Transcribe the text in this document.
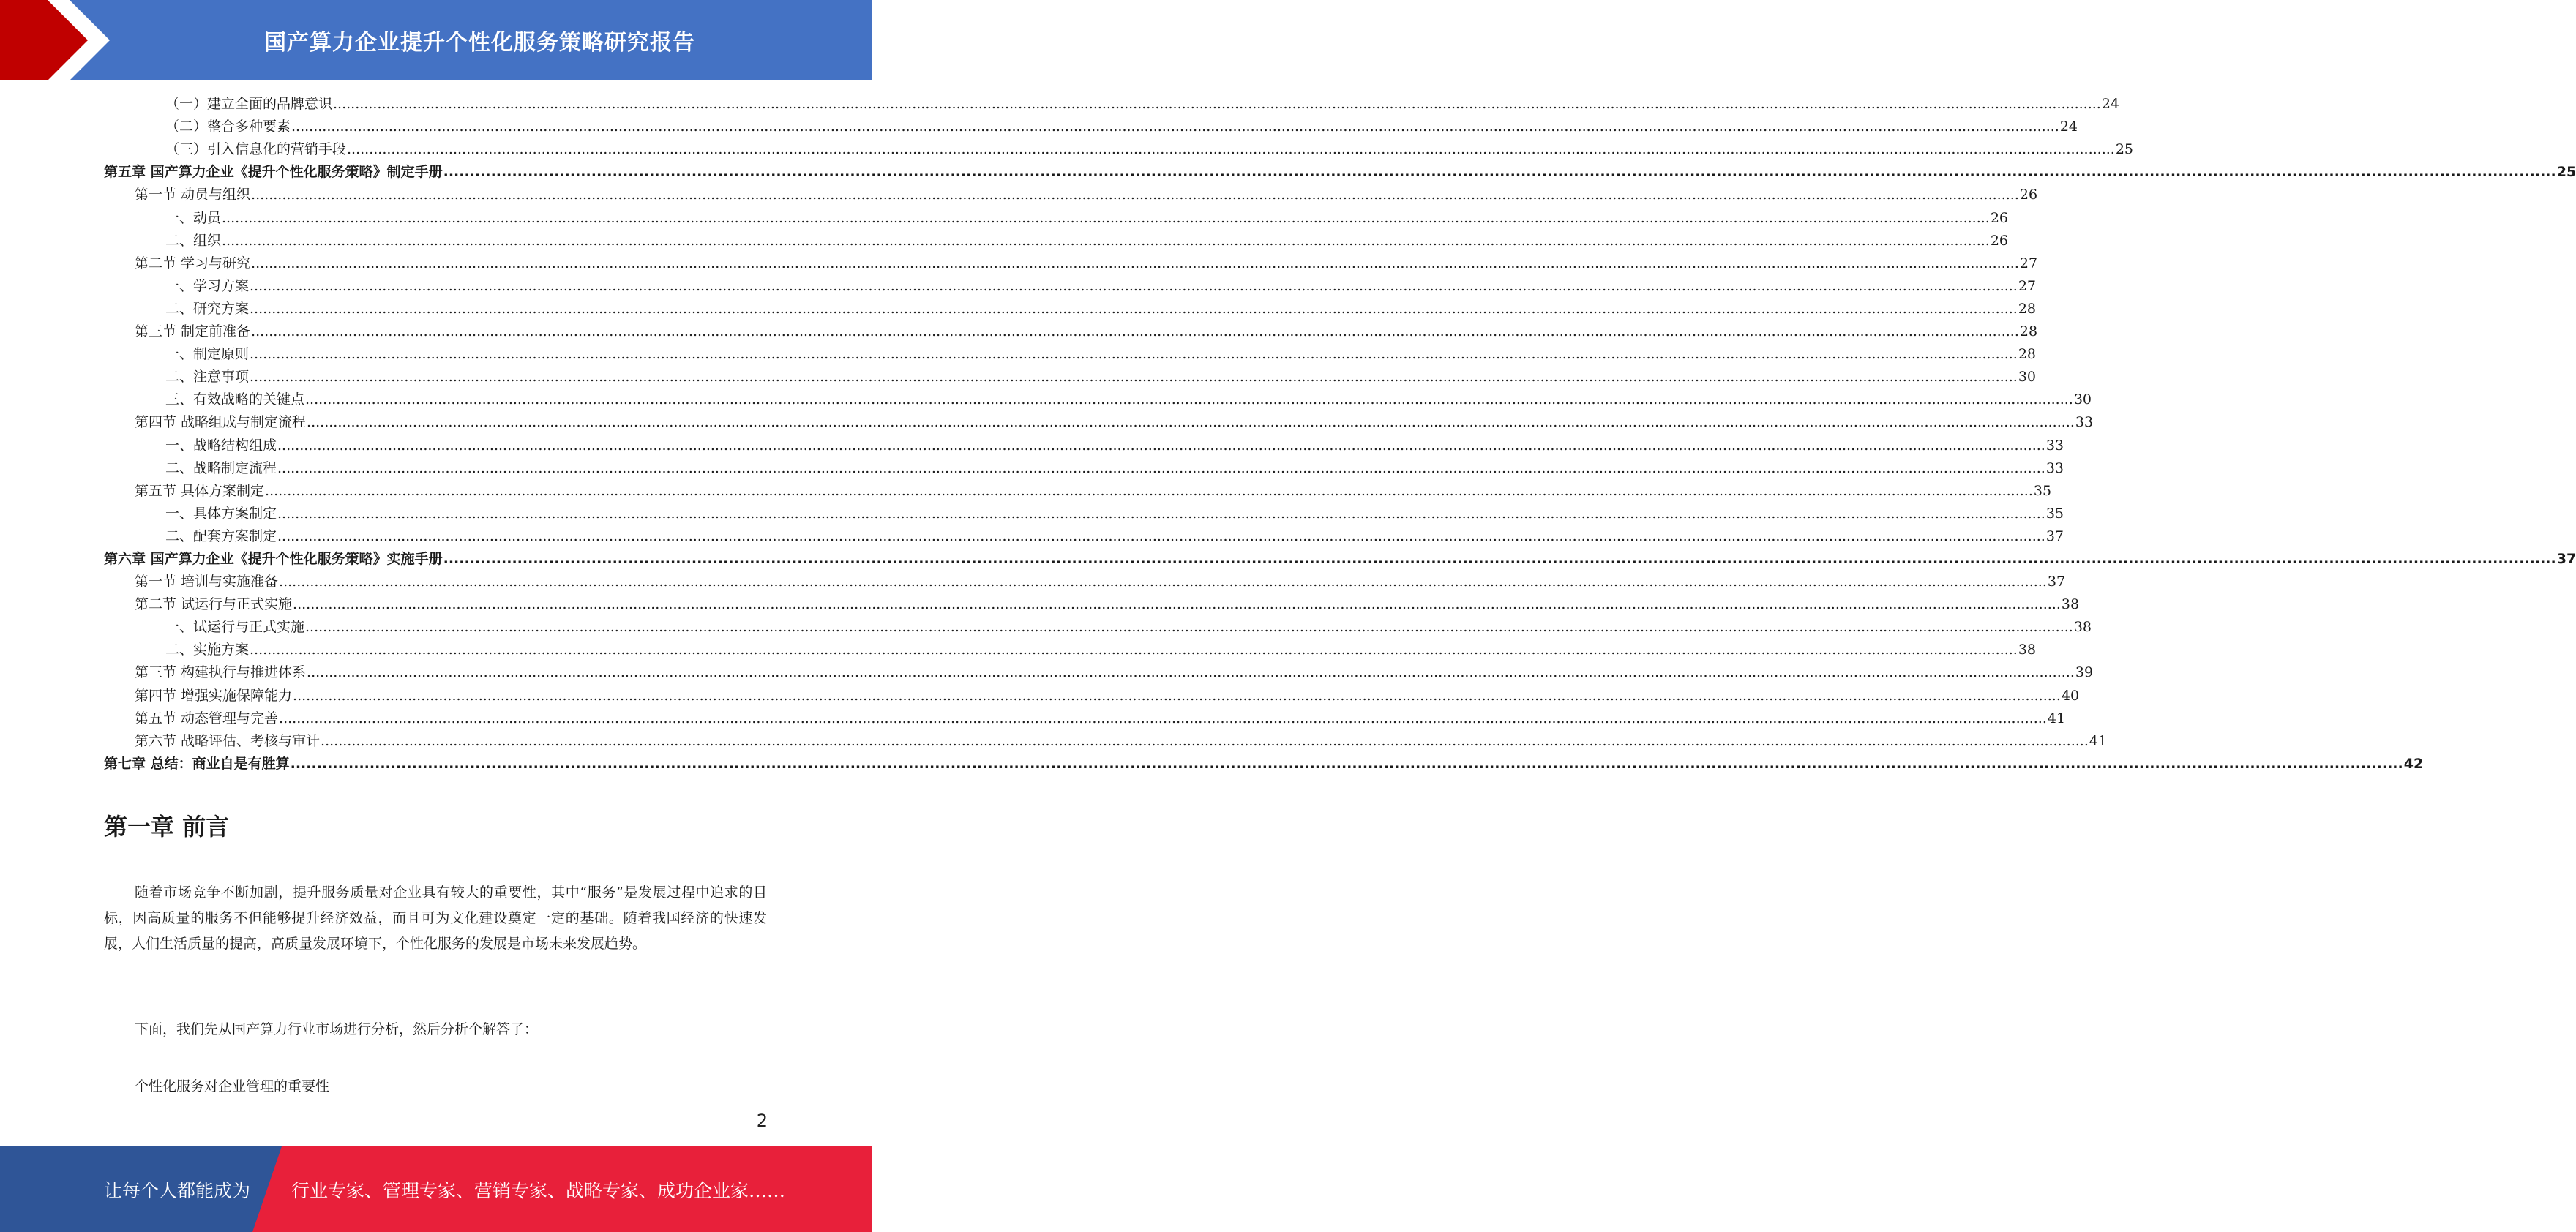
国产算力企业提升个性化服务策略研究报告
（一）建立全面的品牌意识 ................................................................................................................................................................................................................................................................................................................................................................................................................ 24
（二）整合多种要素 ................................................................................................................................................................................................................................................................................................................................................................................................................ 24
（三）引入信息化的营销手段 ................................................................................................................................................................................................................................................................................................................................................................................................................ 25
第五章 国产算力企业《提升个性化服务策略》制定手册 ................................................................................................................................................................................................................................................................................................................................................................................................................ 25
第一节 动员与组织 ................................................................................................................................................................................................................................................................................................................................................................................................................ 26
一、动员 ................................................................................................................................................................................................................................................................................................................................................................................................................ 26
二、组织 ................................................................................................................................................................................................................................................................................................................................................................................................................ 26
第二节 学习与研究 ................................................................................................................................................................................................................................................................................................................................................................................................................ 27
一、学习方案 ................................................................................................................................................................................................................................................................................................................................................................................................................ 27
二、研究方案 ................................................................................................................................................................................................................................................................................................................................................................................................................ 28
第三节 制定前准备 ................................................................................................................................................................................................................................................................................................................................................................................................................ 28
一、制定原则 ................................................................................................................................................................................................................................................................................................................................................................................................................ 28
二、注意事项 ................................................................................................................................................................................................................................................................................................................................................................................................................ 30
三、有效战略的关键点 ................................................................................................................................................................................................................................................................................................................................................................................................................ 30
第四节 战略组成与制定流程 ................................................................................................................................................................................................................................................................................................................................................................................................................ 33
一、战略结构组成 ................................................................................................................................................................................................................................................................................................................................................................................................................ 33
二、战略制定流程 ................................................................................................................................................................................................................................................................................................................................................................................................................ 33
第五节 具体方案制定 ................................................................................................................................................................................................................................................................................................................................................................................................................ 35
一、具体方案制定 ................................................................................................................................................................................................................................................................................................................................................................................................................ 35
二、配套方案制定 ................................................................................................................................................................................................................................................................................................................................................................................................................ 37
第六章 国产算力企业《提升个性化服务策略》实施手册 ................................................................................................................................................................................................................................................................................................................................................................................................................ 37
第一节 培训与实施准备 ................................................................................................................................................................................................................................................................................................................................................................................................................ 37
第二节 试运行与正式实施 ................................................................................................................................................................................................................................................................................................................................................................................................................ 38
一、试运行与正式实施 ................................................................................................................................................................................................................................................................................................................................................................................................................ 38
二、实施方案 ................................................................................................................................................................................................................................................................................................................................................................................................................ 38
第三节 构建执行与推进体系 ................................................................................................................................................................................................................................................................................................................................................................................................................ 39
第四节 增强实施保障能力 ................................................................................................................................................................................................................................................................................................................................................................................................................ 40
第五节 动态管理与完善 ................................................................................................................................................................................................................................................................................................................................................................................................................ 41
第六节 战略评估、考核与审计 ................................................................................................................................................................................................................................................................................................................................................................................................................ 41
第七章 总结：商业自是有胜算 ................................................................................................................................................................................................................................................................................................................................................................................................................ 42
第一章 前言

随着市场竞争不断加剧，提升服务质量对企业具有较大的重要性，其中“服务”是发展过程中追求的目标，因高质量的服务不但能够提升经济效益，而且可为文化建设奠定一定的基础。随着我国经济的快速发展，人们生活质量的提高，高质量发展环境下，个性化服务的发展是市场未来发展趋势。

下面，我们先从国产算力行业市场进行分析，然后分析个解答了：

个性化服务对企业管理的重要性

2
让每个人都能成为 行业专家、管理专家、营销专家、战略专家、成功企业家……
